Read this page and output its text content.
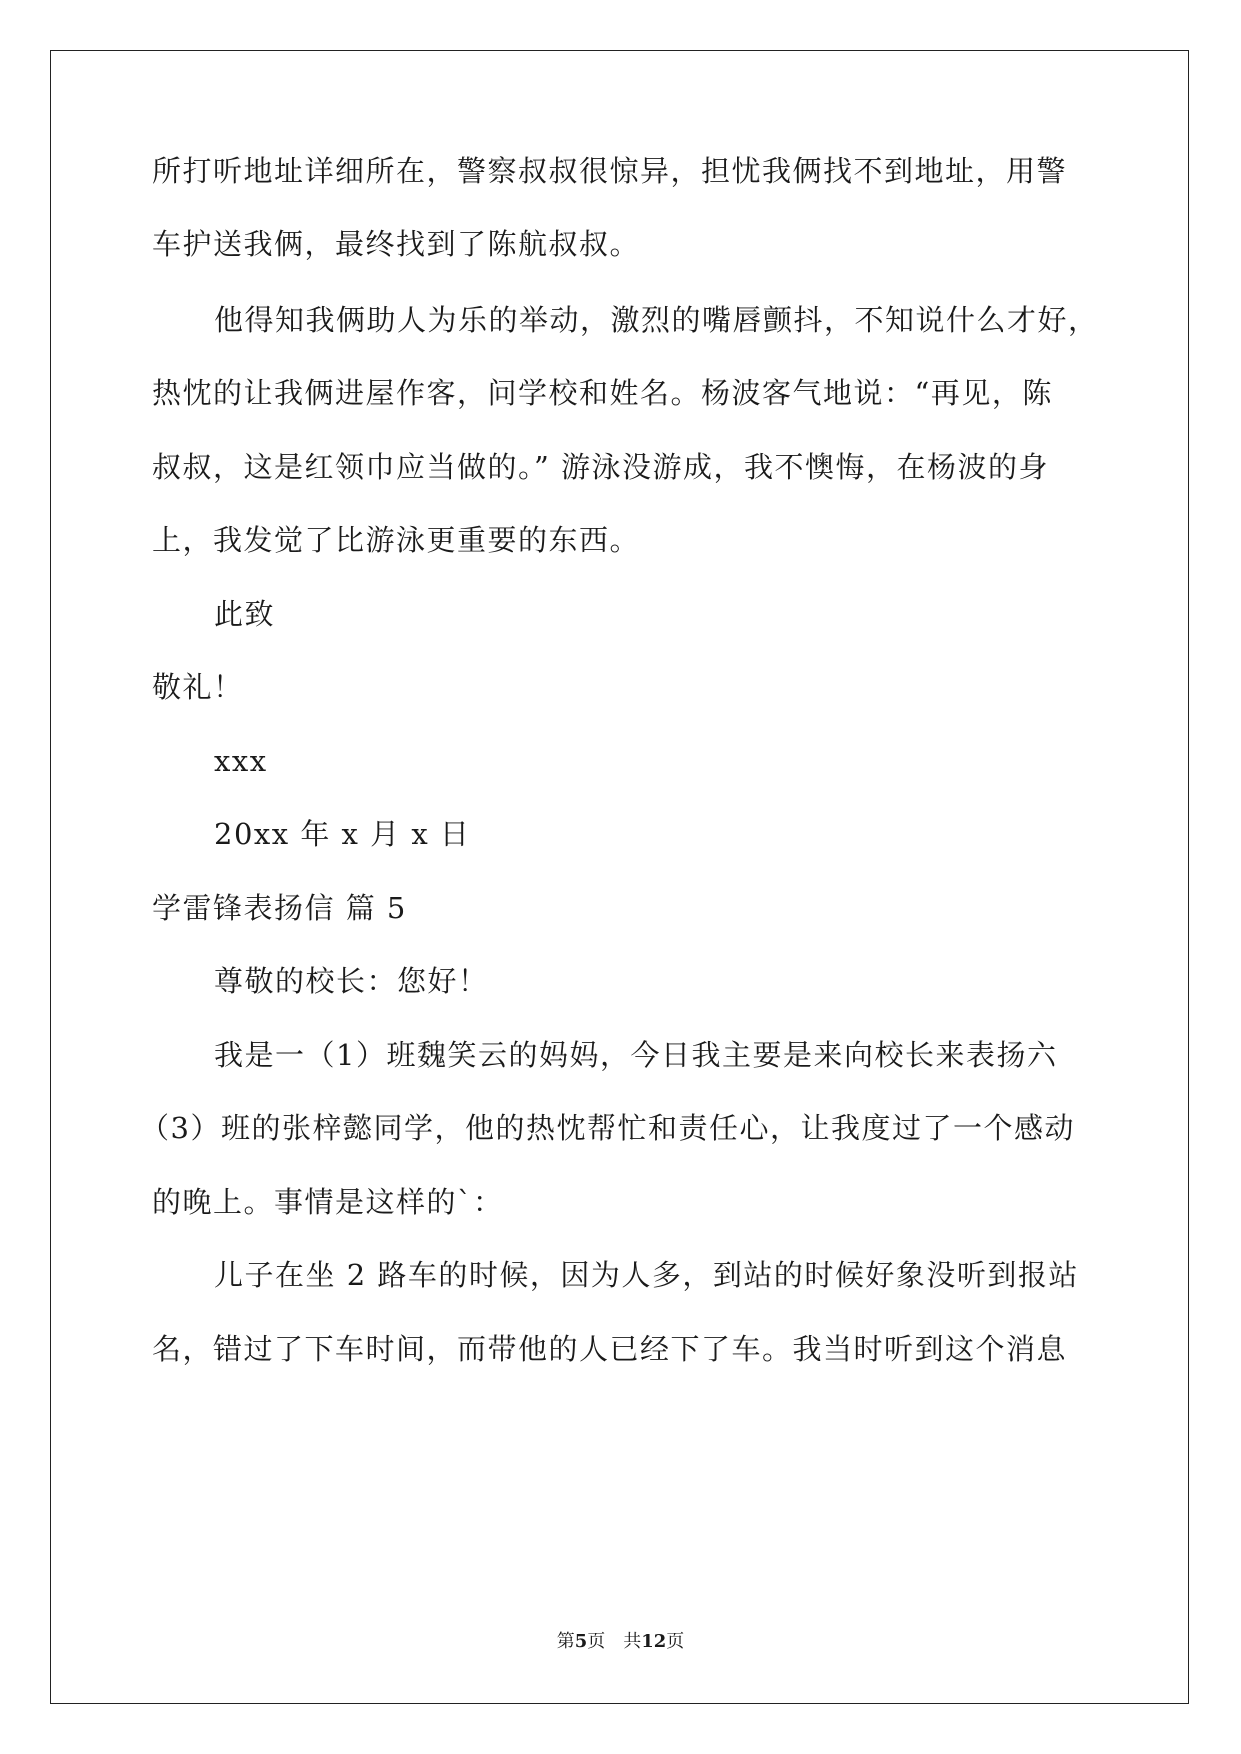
所打听地址详细所在，警察叔叔很惊异，担忧我俩找不到地址，用警
车护送我俩，最终找到了陈航叔叔。
他得知我俩助人为乐的举动，激烈的嘴唇颤抖，不知说什么才好，
热忱的让我俩进屋作客，问学校和姓名。杨波客气地说：“再见，陈
叔叔，这是红领巾应当做的。” 游泳没游成，我不懊悔，在杨波的身
上，我发觉了比游泳更重要的东西。
此致
敬礼！
xxx
20xx 年 x 月 x 日
学雷锋表扬信 篇 5
尊敬的校长：您好！
我是一（1）班魏笑云的妈妈，今日我主要是来向校长来表扬六
（3）班的张梓懿同学，他的热忱帮忙和责任心，让我度过了一个感动
的晚上。事情是这样的`：
儿子在坐 2 路车的时候，因为人多，到站的时候好象没听到报站
名，错过了下车时间，而带他的人已经下了车。我当时听到这个消息
第5页　共12页
